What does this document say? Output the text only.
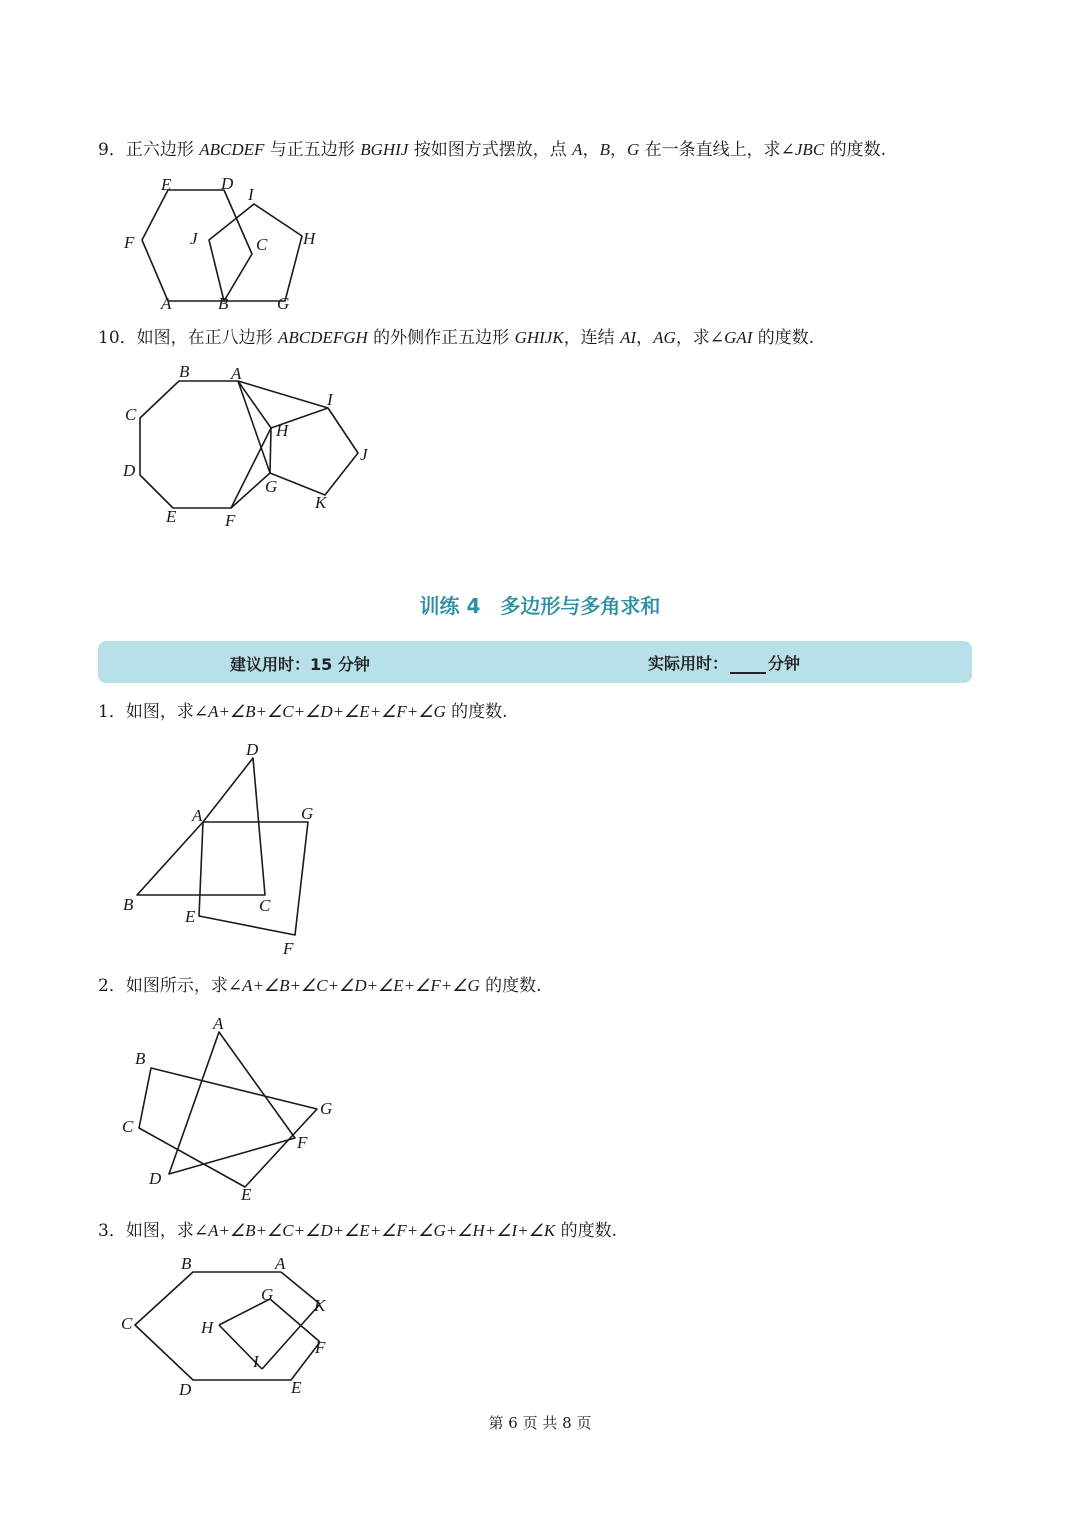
9．正六边形 ABCDEF 与正五边形 BGHIJ 按如图方式摆放，点 A，B，G 在一条直线上，求∠JBC 的度数.
E	D
I
F	J	C H
A	B	G
10．如图，在正八边形 ABCDEFGH 的外侧作正五边形 GHIJK，连结 AI，AG，求∠GAI 的度数.
B A
I
C
H
J
D
G
K
E	F
训练 4　多边形与多角求和
建议用时：15 分钟	实际用时：	分钟
1．如图，求∠A+∠B+∠C+∠D+∠E+∠F+∠G 的度数.
D
A	G
B	C
E
F
2．如图所示，求∠A+∠B+∠C+∠D+∠E+∠F+∠G 的度数.
A
B
G
C
F
D
E
3．如图，求∠A+∠B+∠C+∠D+∠E+∠F+∠G+∠H+∠I+∠K 的度数.
B	A
G
K
C	H
F
I
D	E
第 6 页 共 8 页
